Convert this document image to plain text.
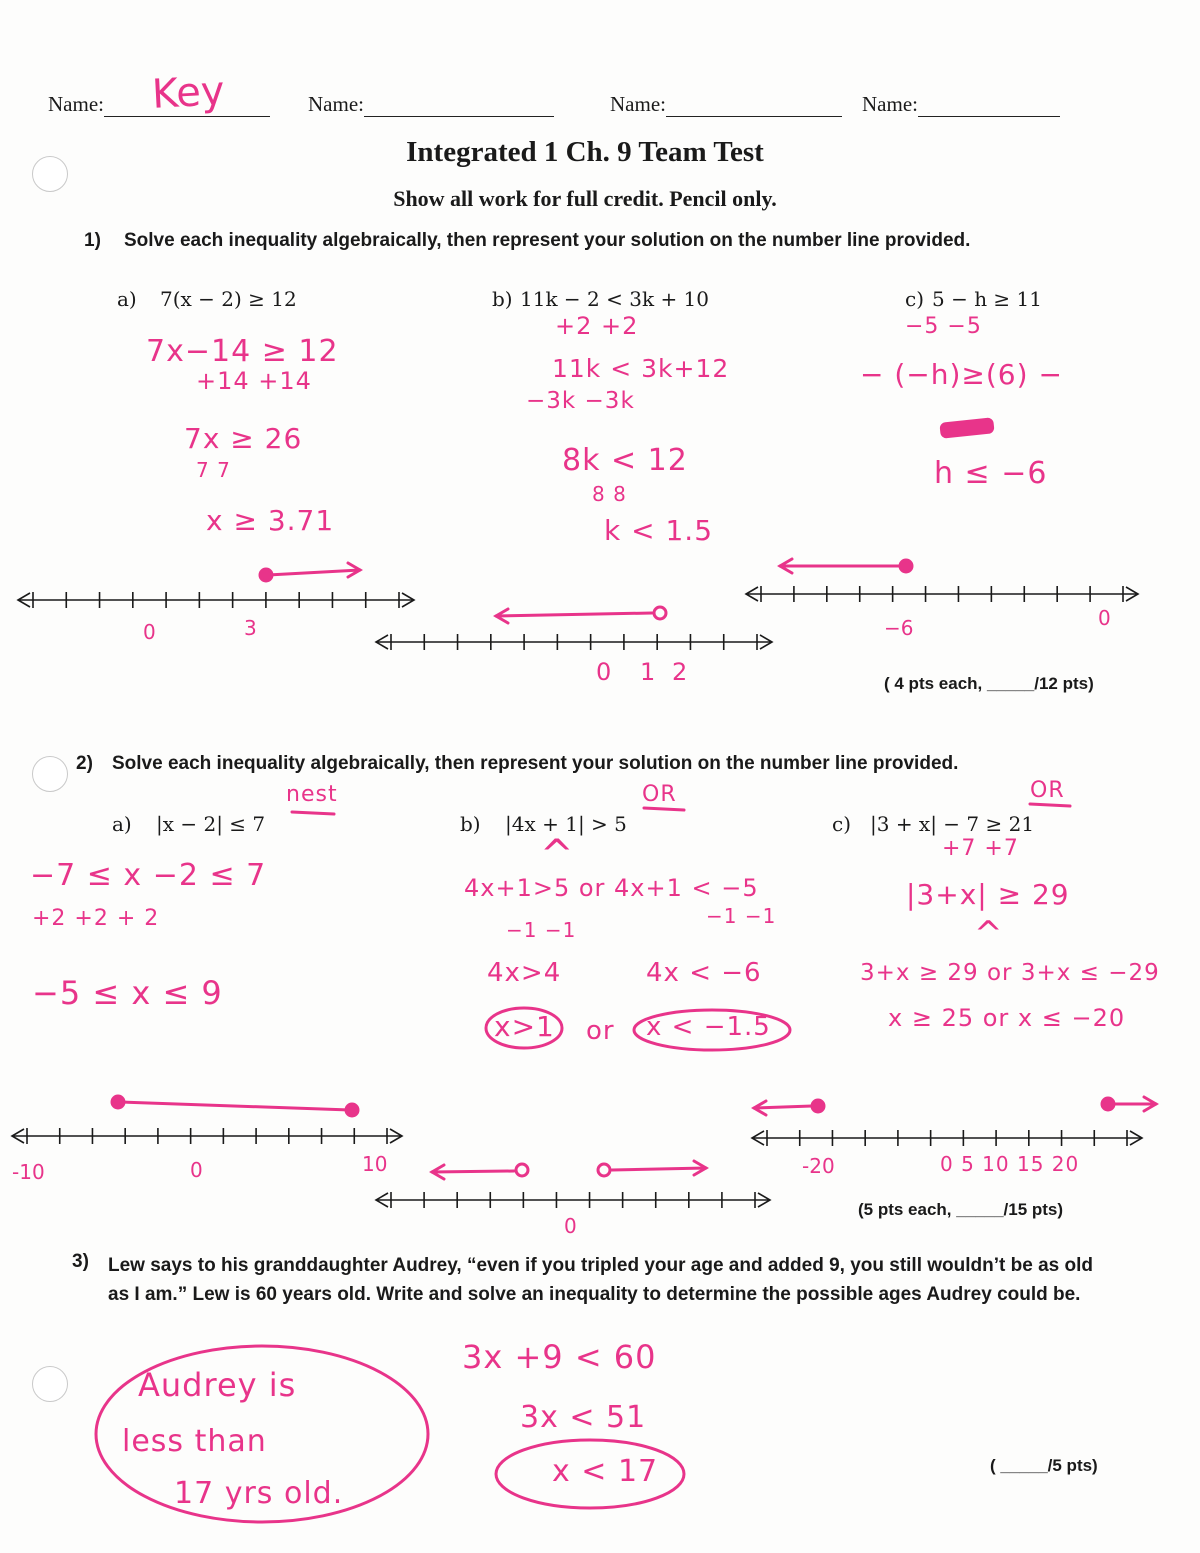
Name:	Key	Name:	Name:	Name:
Integrated 1 Ch. 9 Team Test
Show all work for full credit. Pencil only.
1) Solve each inequality algebraically, then represent your solution on the number line provided.
a) 7(x − 2) ≥ 12	b) 11k − 2 < 3k + 10	c) 5 − h ≥ 11
7x−14 ≥ 12
+14 +14
7x ≥ 26
7 7
x ≥ 3.71
+2 +2
11k < 3k+12
−3k −3k
8k < 12
8 8
k < 1.5
−5 −5
− (−h)≥(6) −
h ≤ −6
0	3
0 1 2
−6	0
( 4 pts each, _____/12 pts)
2) Solve each inequality algebraically, then represent your solution on the number line provided.
a) |x − 2| ≤ 7
nest
b) |4x + 1| > 5
OR
c) |3 + x| − 7 ≥ 21
OR
−7 ≤ x −2 ≤ 7
+2 +2 + 2
−5 ≤ x ≤ 9
^
4x+1>5 or 4x+1 < −5
−1 −1
−1 −1
4x>4	4x < −6
x>1 or x < −1.5
+7 +7
|3+x| ≥ 29
^
3+x ≥ 29 or 3+x ≤ −29
x ≥ 25 or x ≤ −20
-10	0	10
0
-20	0 5 10 15 20
(5 pts each, _____/15 pts)
3) Lew says to his granddaughter Audrey, “even if you tripled your age and added 9, you still wouldn’t be as old as I am.” Lew is 60 years old. Write and solve an inequality to determine the possible ages Audrey could be.
3x +9 < 60
3x < 51
x < 17
Audrey is
less than
17 yrs old.
( _____/5 pts)
